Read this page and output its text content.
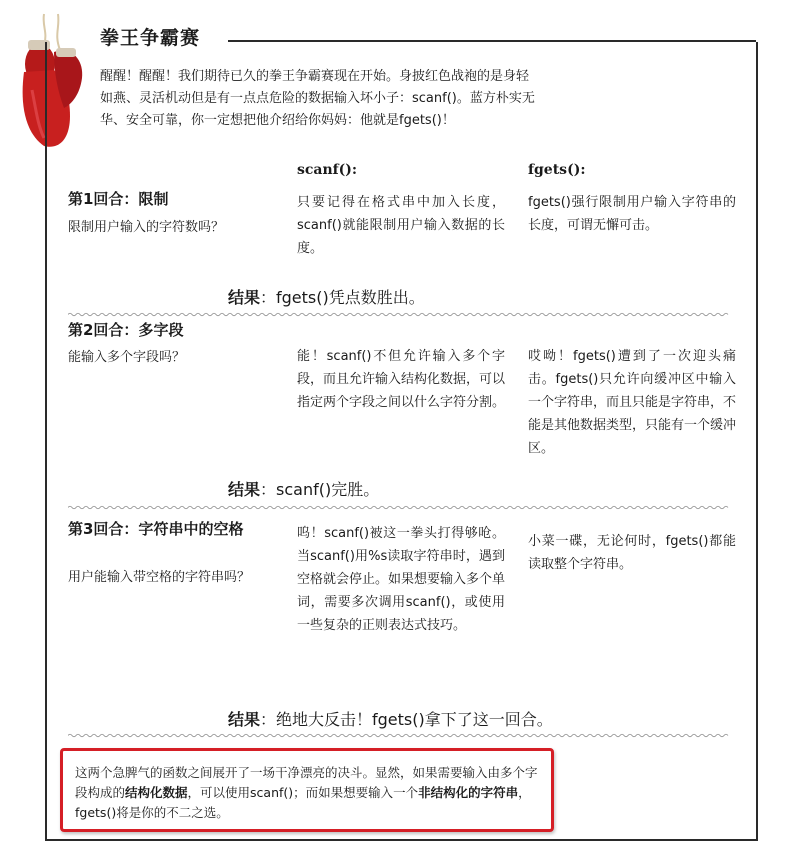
拳王争霸赛
醒醒！醒醒！我们期待已久的拳王争霸赛现在开始。身披红色战袍的是身轻如燕、灵活机动但是有一点点危险的数据输入坏小子：scanf()。蓝方朴实无华、安全可靠，你一定想把他介绍给你妈妈：他就是fgets()！
scanf():	fgets():
第1回合：限制
限制用户输入的字符数吗？
只要记得在格式串中加入长度，scanf()就能限制用户输入数据的长度。
fgets()强行限制用户输入字符串的长度，可谓无懈可击。
结果：fgets()凭点数胜出。
第2回合：多字段
能输入多个字段吗？	能！scanf()不但允许输入多个字段，而且允许输入结构化数据，可以指定两个字段之间以什么字符分割。
哎呦！fgets()遭到了一次迎头痛击。fgets()只允许向缓冲区中输入一个字符串，而且只能是字符串，不能是其他数据类型，只能有一个缓冲区。
结果：scanf()完胜。
第3回合：字符串中的空格
用户能输入带空格的字符串吗？
呜！scanf()被这一拳头打得够呛。当scanf()用%s读取字符串时，遇到空格就会停止。如果想要输入多个单词，需要多次调用scanf()，或使用一些复杂的正则表达式技巧。
小菜一碟，无论何时，fgets()都能读取整个字符串。
结果：绝地大反击！fgets()拿下了这一回合。
这两个急脾气的函数之间展开了一场干净漂亮的决斗。显然，如果需要输入由多个字段构成的结构化数据，可以使用scanf()；而如果想要输入一个非结构化的字符串，fgets()将是你的不二之选。
